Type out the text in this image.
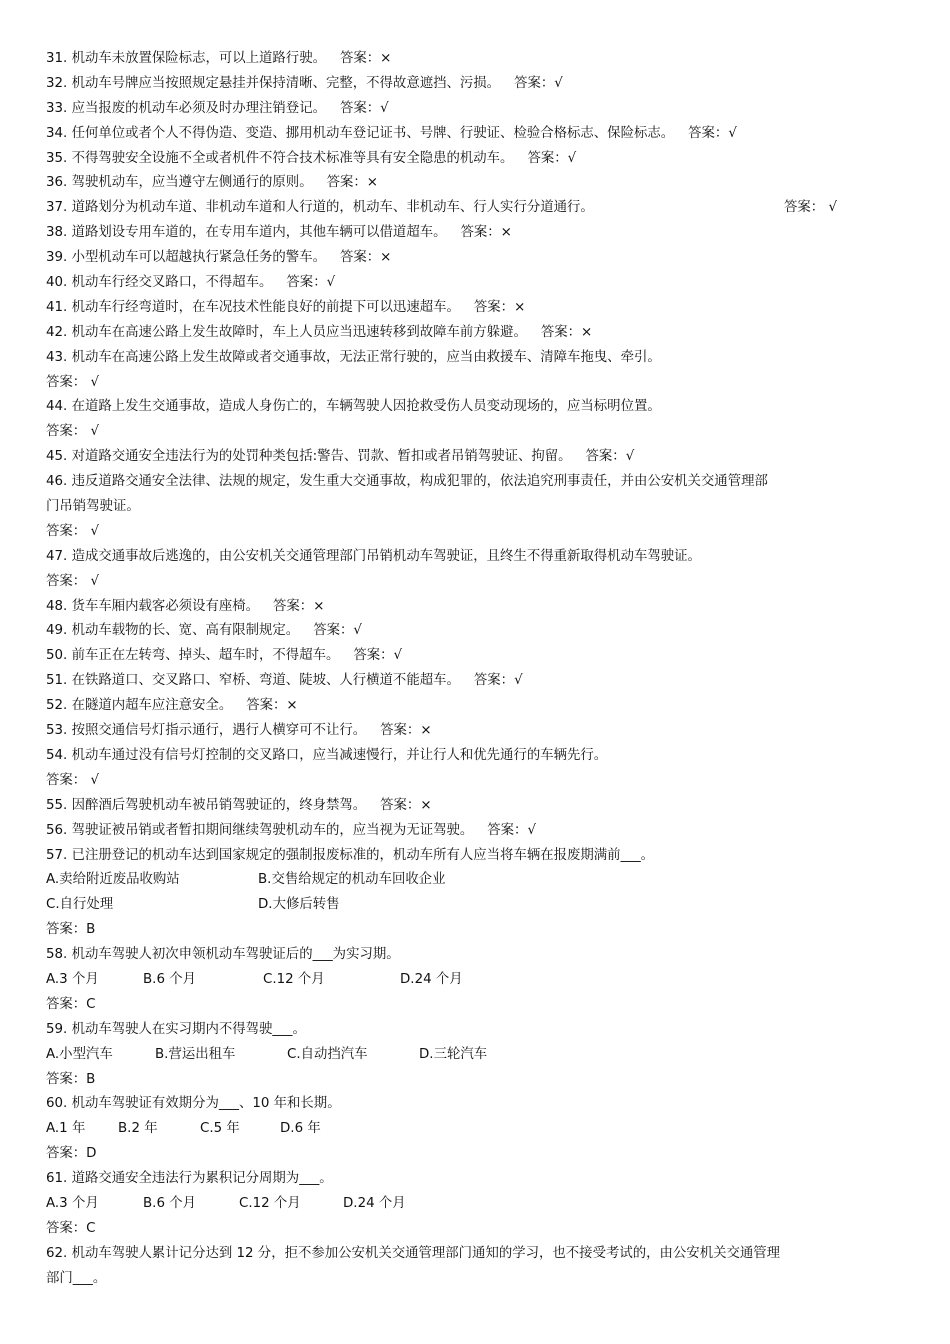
31. 机动车未放置保险标志，可以上道路行驶。 答案：×
32. 机动车号牌应当按照规定悬挂并保持清晰、完整，不得故意遮挡、污损。 答案：√
33. 应当报废的机动车必须及时办理注销登记。 答案：√
34. 任何单位或者个人不得伪造、变造、挪用机动车登记证书、号牌、行驶证、检验合格标志、保险标志。 答案：√
35. 不得驾驶安全设施不全或者机件不符合技术标准等具有安全隐患的机动车。 答案：√
36. 驾驶机动车，应当遵守左侧通行的原则。 答案：×
37. 道路划分为机动车道、非机动车道和人行道的，机动车、非机动车、行人实行分道通行。	答案： √
38. 道路划设专用车道的，在专用车道内，其他车辆可以借道超车。 答案：×
39. 小型机动车可以超越执行紧急任务的警车。 答案：×
40. 机动车行经交叉路口，不得超车。 答案：√
41. 机动车行经弯道时，在车况技术性能良好的前提下可以迅速超车。 答案：×
42. 机动车在高速公路上发生故障时，车上人员应当迅速转移到故障车前方躲避。 答案：×
43. 机动车在高速公路上发生故障或者交通事故，无法正常行驶的，应当由救援车、清障车拖曳、牵引。
答案： √
44. 在道路上发生交通事故，造成人身伤亡的，车辆驾驶人因抢救受伤人员变动现场的，应当标明位置。
答案： √
45. 对道路交通安全违法行为的处罚种类包括:警告、罚款、暂扣或者吊销驾驶证、拘留。 答案：√
46. 违反道路交通安全法律、法规的规定，发生重大交通事故，构成犯罪的，依法追究刑事责任，并由公安机关交通管理部
门吊销驾驶证。
答案： √
47. 造成交通事故后逃逸的，由公安机关交通管理部门吊销机动车驾驶证，且终生不得重新取得机动车驾驶证。
答案： √
48. 货车车厢内载客必须设有座椅。 答案：×
49. 机动车载物的长、宽、高有限制规定。 答案：√
50. 前车正在左转弯、掉头、超车时，不得超车。 答案：√
51. 在铁路道口、交叉路口、窄桥、弯道、陡坡、人行横道不能超车。 答案：√
52. 在隧道内超车应注意安全。 答案：×
53. 按照交通信号灯指示通行，遇行人横穿可不让行。 答案：×
54. 机动车通过没有信号灯控制的交叉路口，应当减速慢行，并让行人和优先通行的车辆先行。
答案： √
55. 因醉酒后驾驶机动车被吊销驾驶证的，终身禁驾。 答案：×
56. 驾驶证被吊销或者暂扣期间继续驾驶机动车的，应当视为无证驾驶。 答案：√
57. 已注册登记的机动车达到国家规定的强制报废标准的，机动车所有人应当将车辆在报废期满前___。
A.卖给附近废品收购站	B.交售给规定的机动车回收企业
C.自行处理	D.大修后转售
答案：B
58. 机动车驾驶人初次申领机动车驾驶证后的___为实习期。
A.3 个月	B.6 个月	C.12 个月	D.24 个月
答案：C
59. 机动车驾驶人在实习期内不得驾驶___。
A.小型汽车	B.营运出租车	C.自动挡汽车	D.三轮汽车
答案：B
60. 机动车驾驶证有效期分为___、10 年和长期。
A.1 年 B.2 年	C.5 年	D.6 年
答案：D
61. 道路交通安全违法行为累积记分周期为___。
A.3 个月	B.6 个月	C.12 个月	D.24 个月
答案：C
62. 机动车驾驶人累计记分达到 12 分，拒不参加公安机关交通管理部门通知的学习，也不接受考试的，由公安机关交通管理
部门___。
